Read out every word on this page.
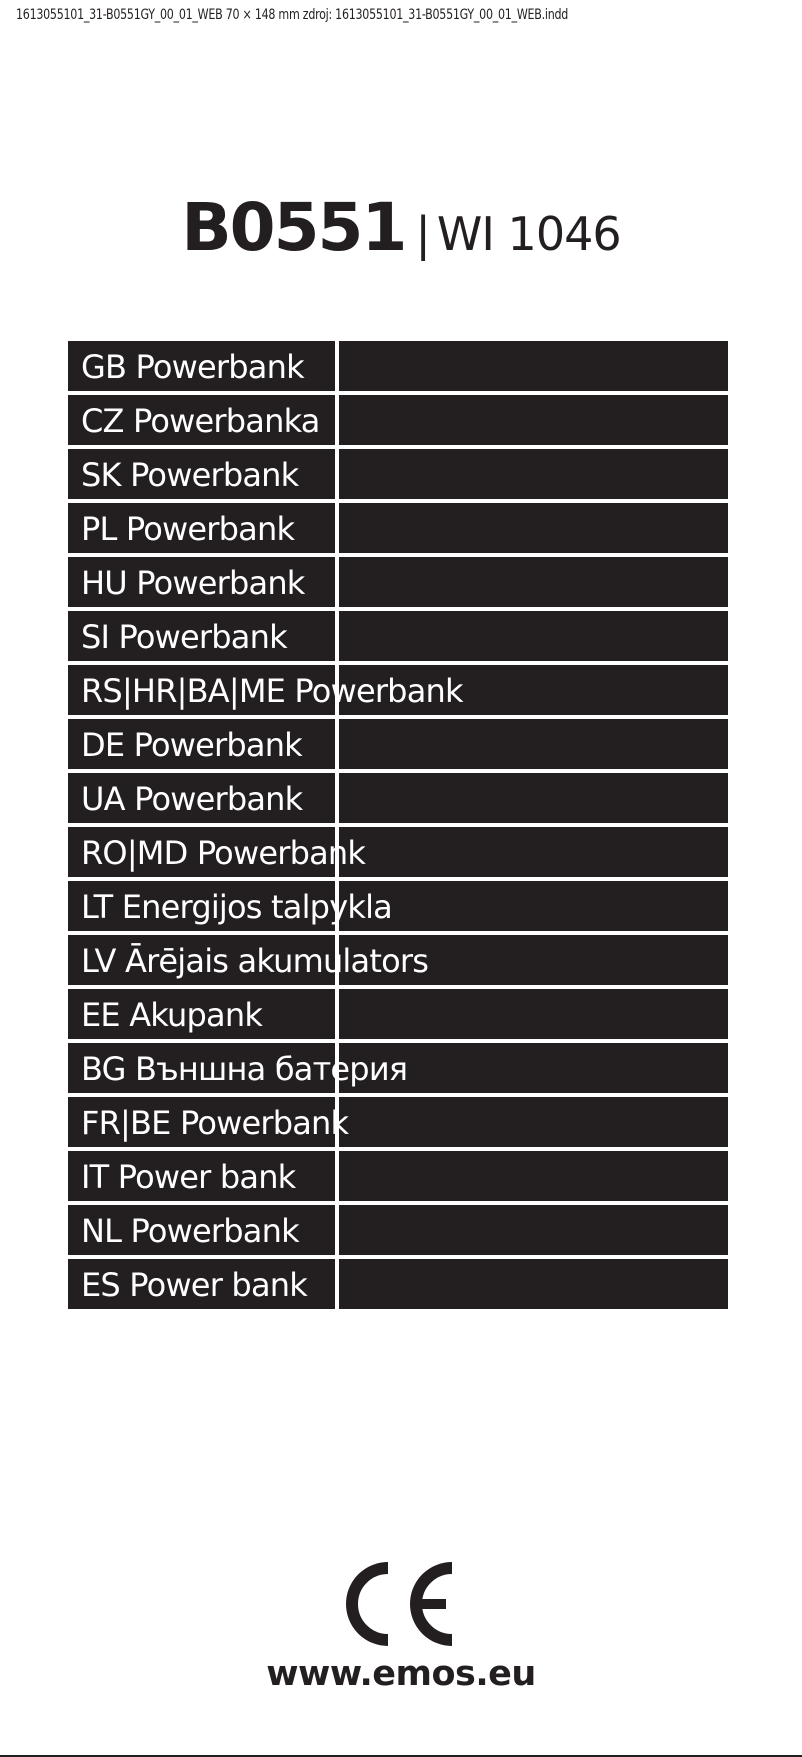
1613055101_31-B0551GY_00_01_WEB 70 × 148 mm zdroj: 1613055101_31-B0551GY_00_01_WEB.indd
B0551 | WI 1046
GB Powerbank
CZ Powerbanka
SK Powerbank
PL Powerbank
HU Powerbank
SI Powerbank
RS|HR|BA|ME Powerbank
DE Powerbank
UA Powerbank
RO|MD Powerbank
LT Energijos talpykla
LV Ārējais akumulators
EE Akupank
BG Външна батерия
FR|BE Powerbank
IT Power bank
NL Powerbank
ES Power bank
www.emos.eu
